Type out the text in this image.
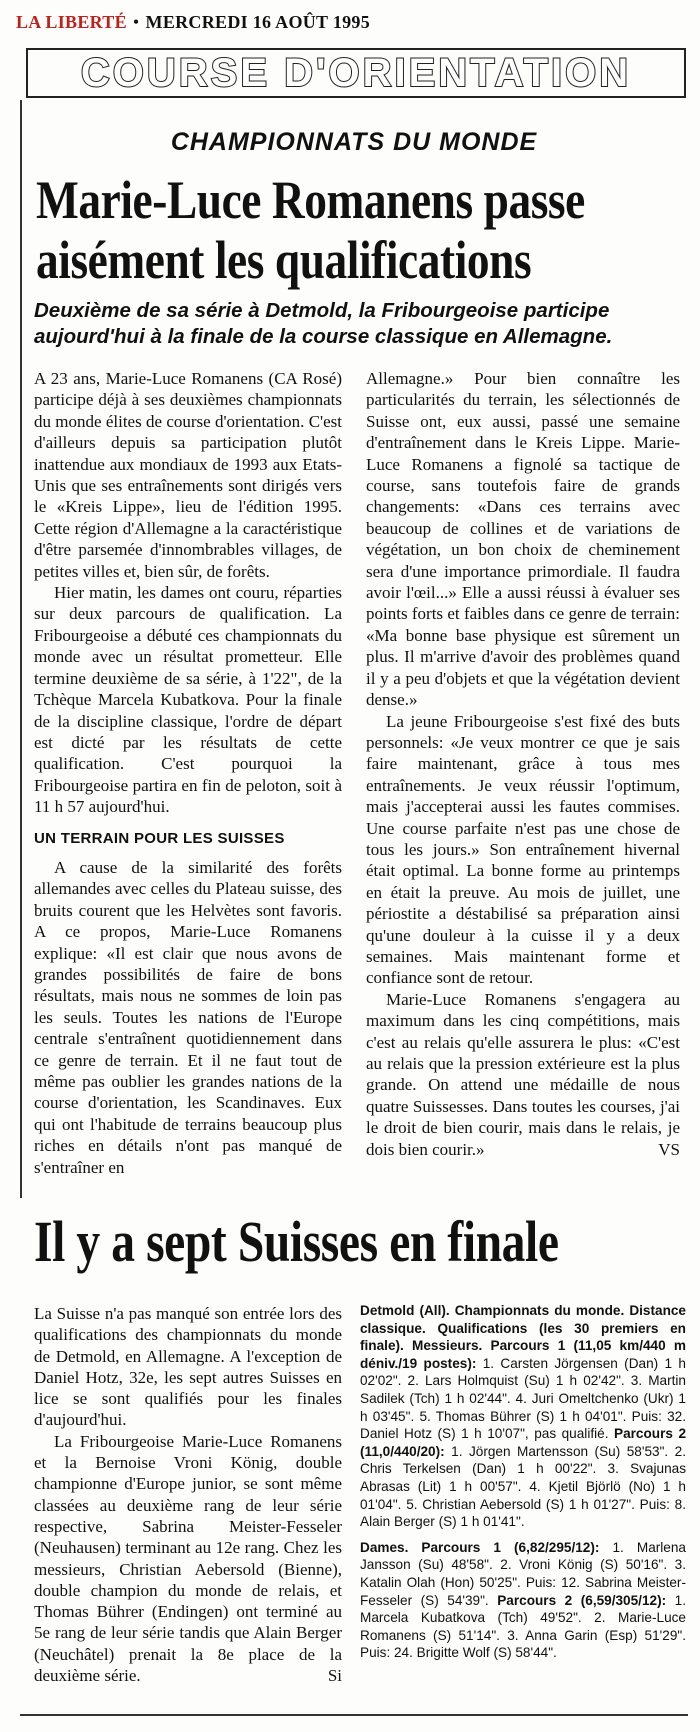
LA LIBERTÉ • MERCREDI 16 AOÛT 1995
COURSE D'ORIENTATION
CHAMPIONNATS DU MONDE
Marie-Luce Romanens passe aisément les qualifications
Deuxième de sa série à Detmold, la Fribourgeoise participe aujourd'hui à la finale de la course classique en Allemagne.

A 23 ans, Marie-Luce Romanens (CA Rosé) participe déjà à ses deuxièmes championnats du monde élites de course d'orientation. C'est d'ailleurs depuis sa participation plutôt inattendue aux mondiaux de 1993 aux Etats-Unis que ses entraînements sont dirigés vers le «Kreis Lippe», lieu de l'édition 1995. Cette région d'Allemagne a la caractéristique d'être parsemée d'innombrables villages, de petites villes et, bien sûr, de forêts.

Hier matin, les dames ont couru, réparties sur deux parcours de qualification. La Fribourgeoise a débuté ces championnats du monde avec un résultat prometteur. Elle termine deuxième de sa série, à 1'22", de la Tchèque Marcela Kubatkova. Pour la finale de la discipline classique, l'ordre de départ est dicté par les résultats de cette qualification. C'est pourquoi la Fribourgeoise partira en fin de peloton, soit à 11 h 57 aujourd'hui.

UN TERRAIN POUR LES SUISSES

A cause de la similarité des forêts allemandes avec celles du Plateau suisse, des bruits courent que les Helvètes sont favoris. A ce propos, Marie-Luce Romanens explique: «Il est clair que nous avons de grandes possibilités de faire de bons résultats, mais nous ne sommes de loin pas les seuls. Toutes les nations de l'Europe centrale s'entraînent quotidiennement dans ce genre de terrain. Et il ne faut tout de même pas oublier les grandes nations de la course d'orientation, les Scandinaves. Eux qui ont l'habitude de terrains beaucoup plus riches en détails n'ont pas manqué de s'entraîner en

Allemagne.» Pour bien connaître les particularités du terrain, les sélectionnés de Suisse ont, eux aussi, passé une semaine d'entraînement dans le Kreis Lippe. Marie-Luce Romanens a fignolé sa tactique de course, sans toutefois faire de grands changements: «Dans ces terrains avec beaucoup de collines et de variations de végétation, un bon choix de cheminement sera d'une importance primordiale. Il faudra avoir l'œil...» Elle a aussi réussi à évaluer ses points forts et faibles dans ce genre de terrain: «Ma bonne base physique est sûrement un plus. Il m'arrive d'avoir des problèmes quand il y a peu d'objets et que la végétation devient dense.»

La jeune Fribourgeoise s'est fixé des buts personnels: «Je veux montrer ce que je sais faire maintenant, grâce à tous mes entraînements. Je veux réussir l'optimum, mais j'accepterai aussi les fautes commises. Une course parfaite n'est pas une chose de tous les jours.» Son entraînement hivernal était optimal. La bonne forme au printemps en était la preuve. Au mois de juillet, une périostite a déstabilisé sa préparation ainsi qu'une douleur à la cuisse il y a deux semaines. Mais maintenant forme et confiance sont de retour.

Marie-Luce Romanens s'engagera au maximum dans les cinq compétitions, mais c'est au relais qu'elle assurera le plus: «C'est au relais que la pression extérieure est la plus grande. On attend une médaille de nous quatre Suissesses. Dans toutes les courses, j'ai le droit de bien courir, mais dans le relais, je dois bien courir.»	VS

Il y a sept Suisses en finale

La Suisse n'a pas manqué son entrée lors des qualifications des championnats du monde de Detmold, en Allemagne. A l'exception de Daniel Hotz, 32e, les sept autres Suisses en lice se sont qualifiés pour les finales d'aujourd'hui.

La Fribourgeoise Marie-Luce Romanens et la Bernoise Vroni König, double championne d'Europe junior, se sont même classées au deuxième rang de leur série respective, Sabrina Meister-Fesseler (Neuhausen) terminant au 12e rang. Chez les messieurs, Christian Aebersold (Bienne), double champion du monde de relais, et Thomas Bührer (Endingen) ont terminé au 5e rang de leur série tandis que Alain Berger (Neuchâtel) prenait la 8e place de la deuxième série.	Si

Detmold (All). Championnats du monde. Distance classique. Qualifications (les 30 premiers en finale). Messieurs. Parcours 1 (11,05 km/440 m déniv./19 postes): 1. Carsten Jörgensen (Dan) 1 h 02'02". 2. Lars Holmquist (Su) 1 h 02'42". 3. Martin Sadilek (Tch) 1 h 02'44". 4. Juri Omeltchenko (Ukr) 1 h 03'45". 5. Thomas Bührer (S) 1 h 04'01". Puis: 32. Daniel Hotz (S) 1 h 10'07", pas qualifié. Parcours 2 (11,0/440/20): 1. Jörgen Martensson (Su) 58'53". 2. Chris Terkelsen (Dan) 1 h 00'22". 3. Svajunas Abrasas (Lit) 1 h 00'57". 4. Kjetil Björlö (No) 1 h 01'04". 5. Christian Aebersold (S) 1 h 01'27". Puis: 8. Alain Berger (S) 1 h 01'41".

Dames. Parcours 1 (6,82/295/12): 1. Marlena Jansson (Su) 48'58". 2. Vroni König (S) 50'16". 3. Katalin Olah (Hon) 50'25". Puis: 12. Sabrina Meister-Fesseler (S) 54'39". Parcours 2 (6,59/305/12): 1. Marcela Kubatkova (Tch) 49'52". 2. Marie-Luce Romanens (S) 51'14". 3. Anna Garin (Esp) 51'29". Puis: 24. Brigitte Wolf (S) 58'44".
